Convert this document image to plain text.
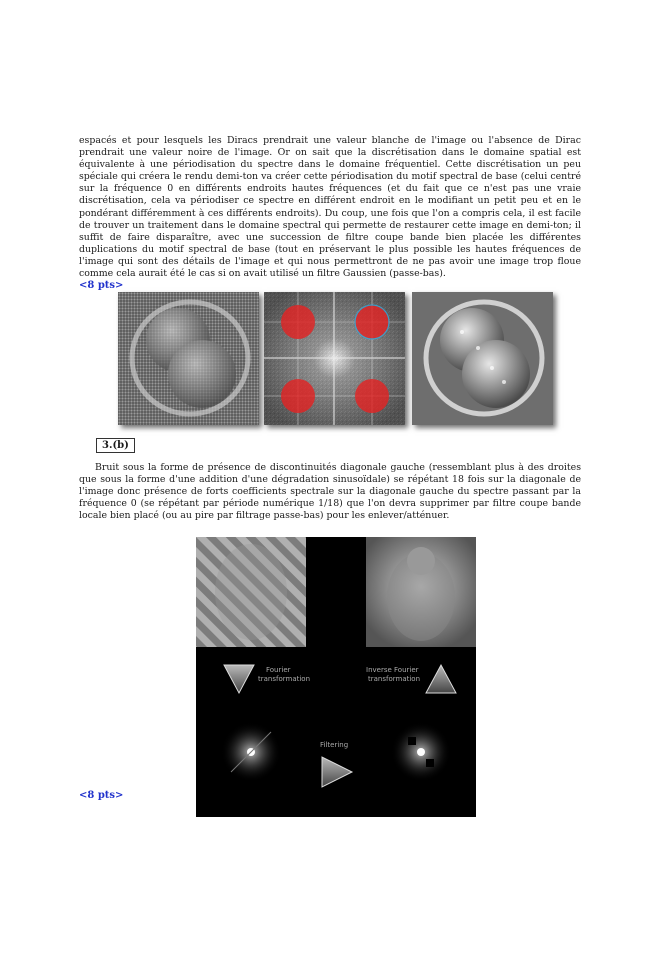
espacés et pour lesquels les Diracs prendrait une valeur blanche de l'image ou l'absence de Dirac prendrait une valeur noire de l'image. Or on sait que la discrétisation dans le domaine spatial est équivalente à une périodisation du spectre dans le domaine fréquentiel. Cette discrétisation un peu spéciale qui créera le rendu demi-ton va créer cette périodisation du motif spectral de base (celui centré sur la fréquence 0 en différents endroits hautes fréquences (et du fait que ce n'est pas une vraie discrétisation, cela va périodiser ce spectre en différent endroit en le modifiant un petit peu et en le pondérant différemment à ces différents endroits). Du coup, une fois que l'on a compris cela, il est facile de trouver un traitement dans le domaine spectral qui permette de restaurer cette image en demi-ton; il suffit de faire disparaître, avec une succession de filtre coupe bande bien placée les différentes duplications du motif spectral de base (tout en préservant le plus possible les hautes fréquences de l'image qui sont des détails de l'image et qui nous permettront de ne pas avoir une image trop floue comme cela aurait été le cas si on avait utilisé un filtre Gaussien (passe-bas).

<8 pts>
3.(b)

Bruit sous la forme de présence de discontinuités diagonale gauche (ressemblant plus à des droites que sous la forme d'une addition d'une dégradation sinusoïdale) se répétant 18 fois sur la diagonale de l'image donc présence de forts coefficients spectrale sur la diagonale gauche du spectre passant par la fréquence 0 (se répétant par période numérique 1/18) que l'on devra supprimer par filtre coupe bande locale bien placé (ou au pire par filtrage passe-bas) pour les enlever/atténuer.

Fourier
transformation
Inverse Fourier
transformation
Filtering
<8 pts>
